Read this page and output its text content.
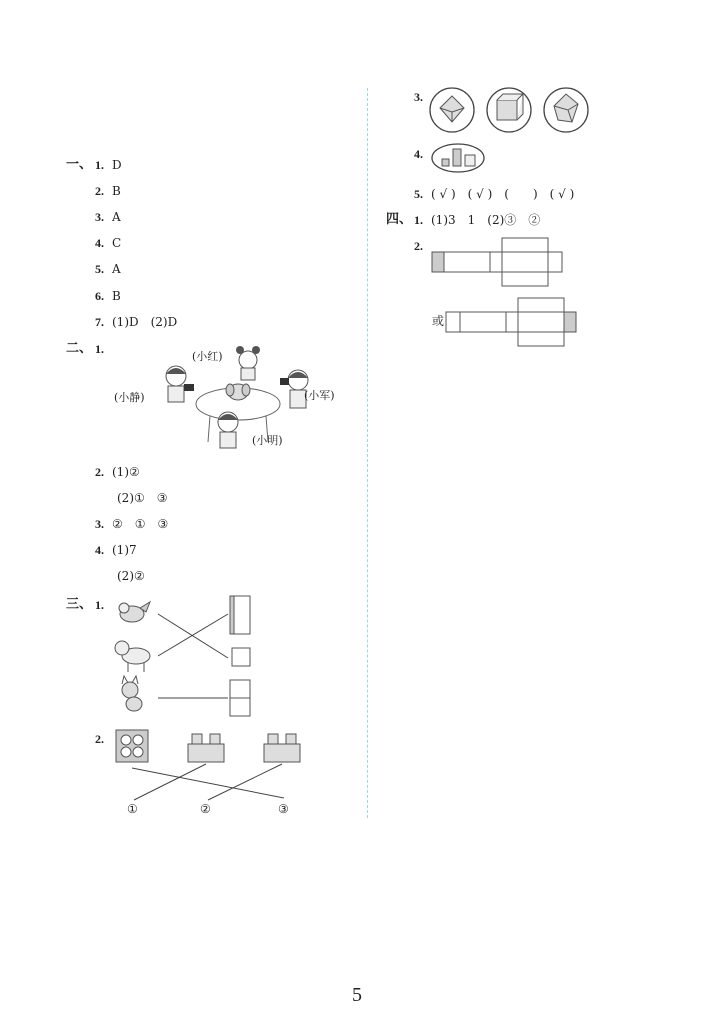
一、 1. D
2. B
3. A
4. C
5. A
6. B
7. (1)D　(2)D
二、 1.
(小红)
(小静)	(小军)
(小明)
2. (1)②
(2)①　③
3. ②　①　③
4. (1)7
(2)②
三、 1.
2.
①	②	③
3.
4.
5. ( √ )　( √ )　(　　)　( √ )
四、 1. (1)3　1　(2)③　②
2.
或
5
